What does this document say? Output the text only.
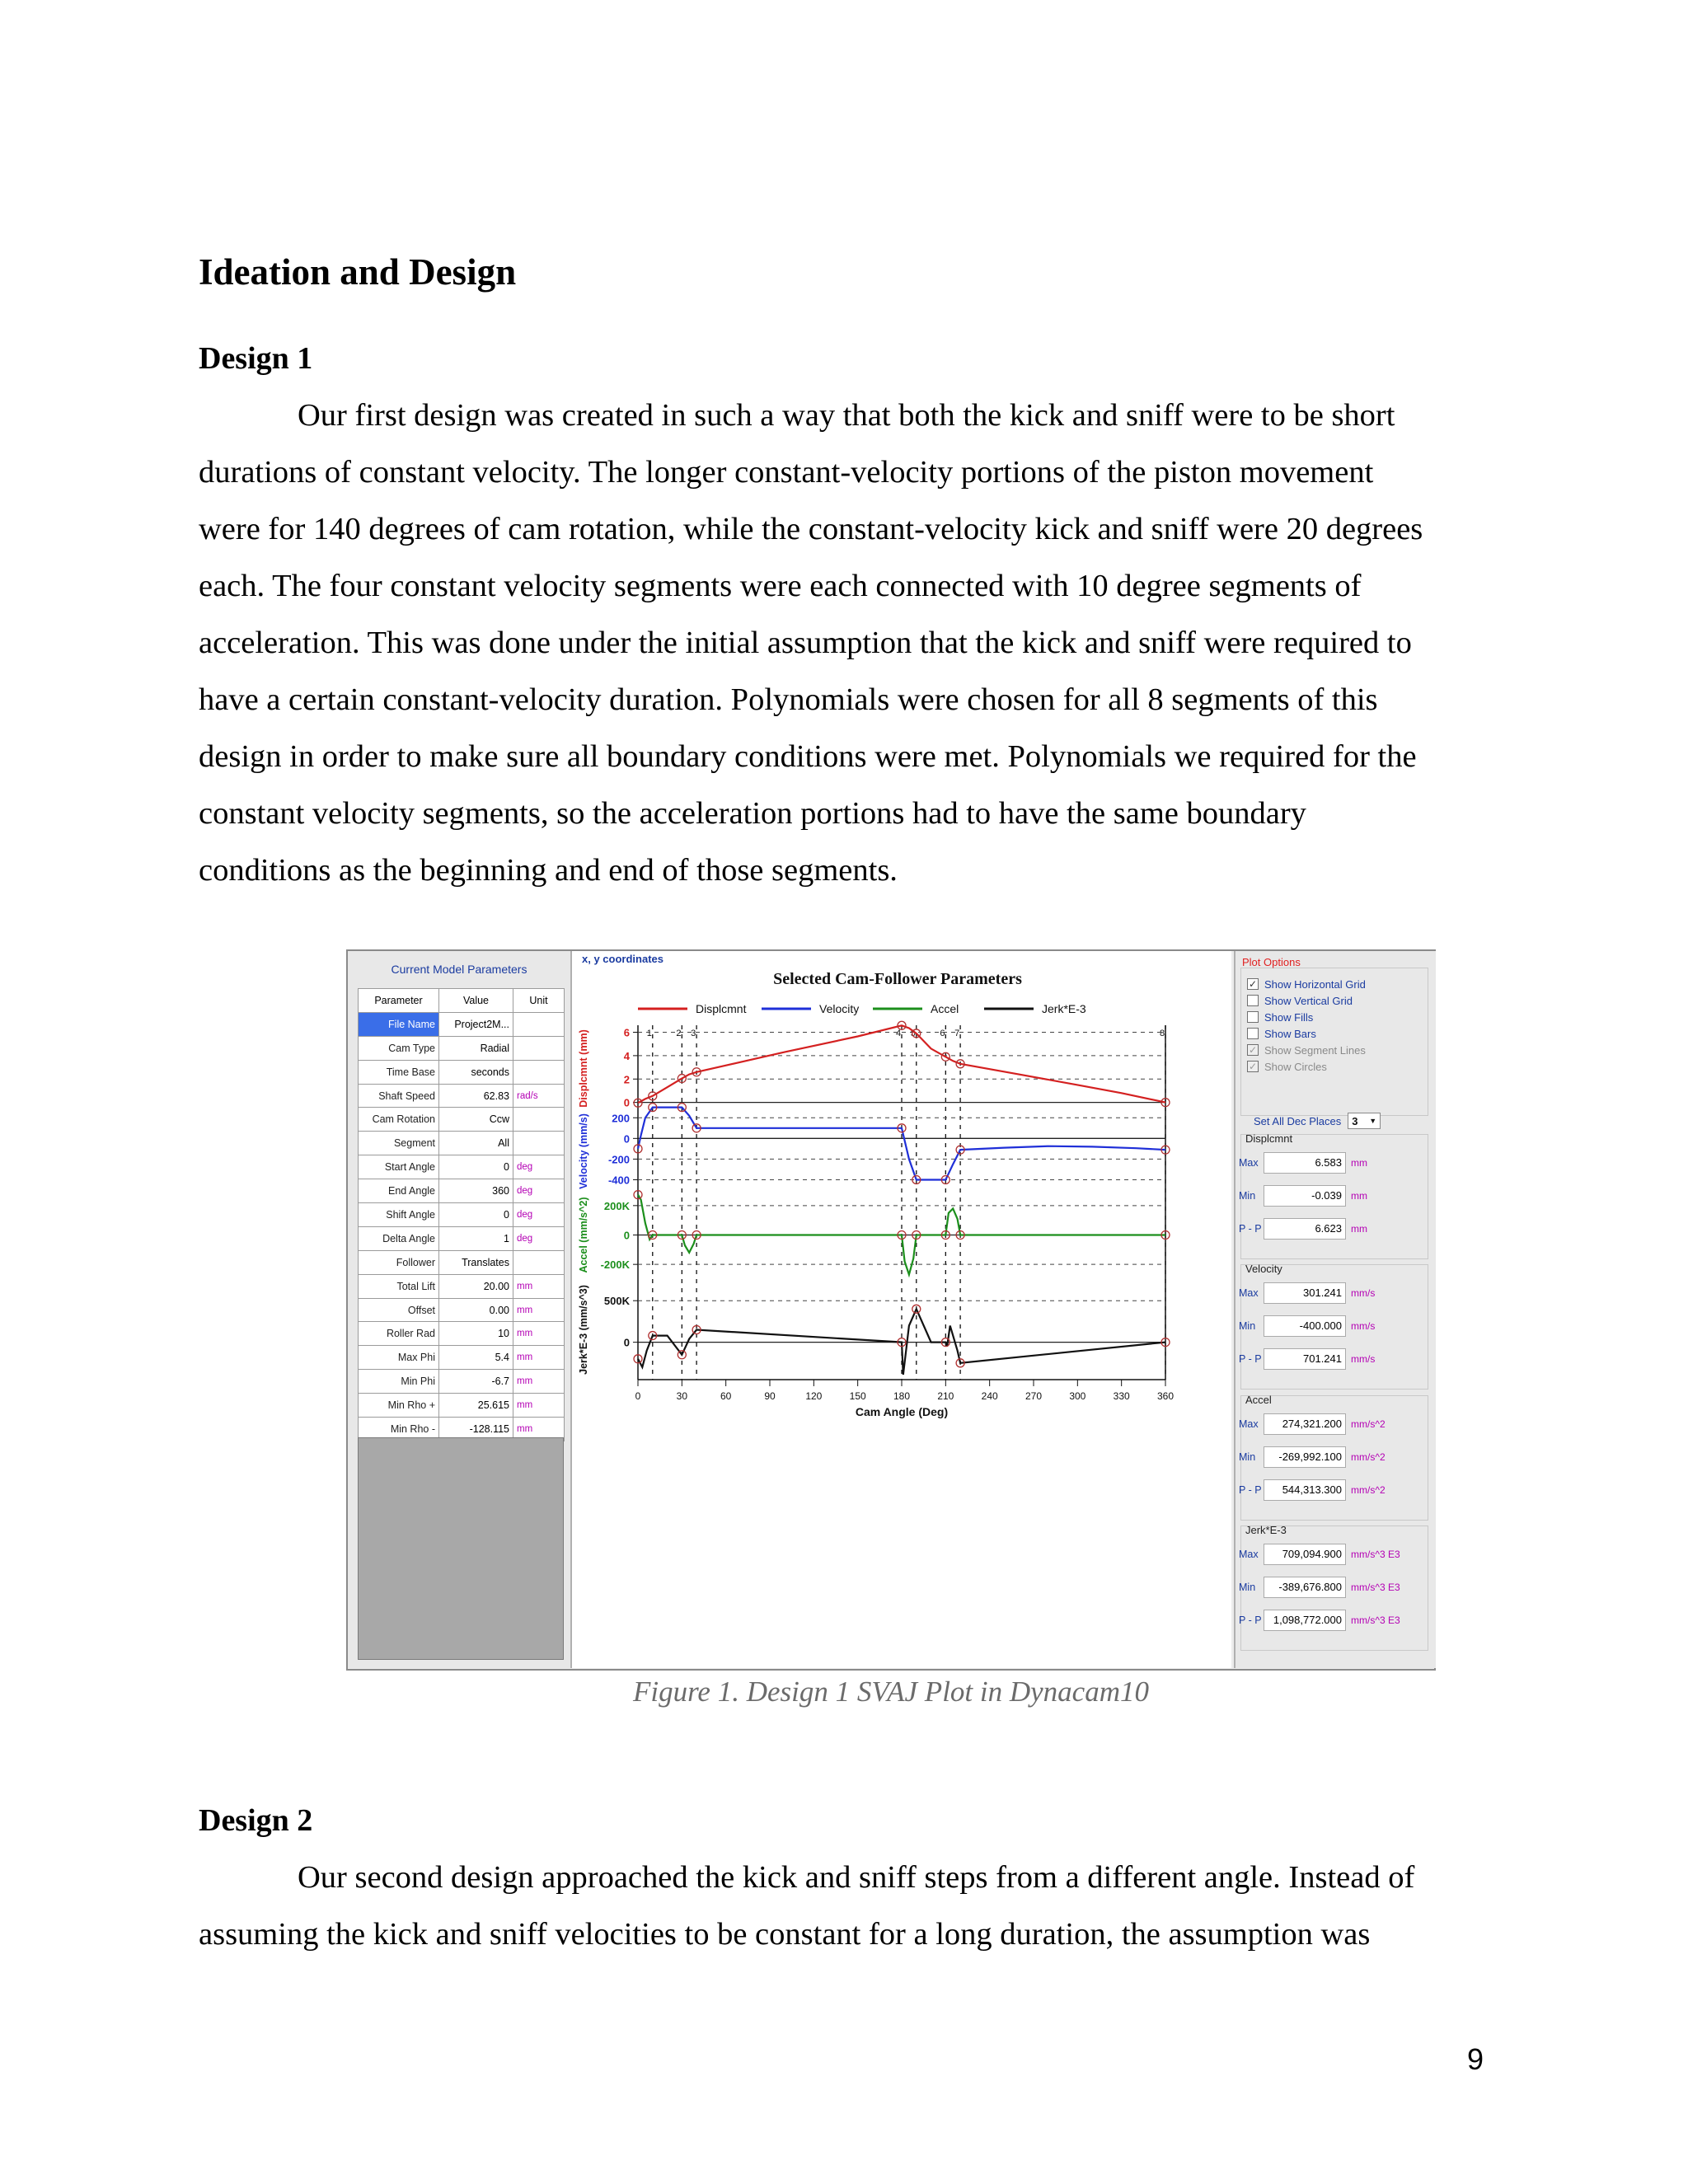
Ideation and Design
Design 1
Our first design was created in such a way that both the kick and sniff were to be short
durations of constant velocity. The longer constant-velocity portions of the piston movement
were for 140 degrees of cam rotation, while the constant-velocity kick and sniff were 20 degrees
each. The four constant velocity segments were each connected with 10 degree segments of
acceleration. This was done under the initial assumption that the kick and sniff were required to
have a certain constant-velocity duration. Polynomials were chosen for all 8 segments of this
design in order to make sure all boundary conditions were met. Polynomials we required for the
constant velocity segments, so the acceleration portions had to have the same boundary
conditions as the beginning and end of those segments.
Current Model Parameters
Parameter	Value	Unit
File Name	Project2M...	
Cam Type	Radial	
Time Base	seconds	
Shaft Speed	62.83	rad/s
Cam Rotation	Ccw	
Segment	All	
Start Angle	0	deg
End Angle	360	deg
Shift Angle	0	deg
Delta Angle	1	deg
Follower	Translates	
Total Lift	20.00	mm
Offset	0.00	mm
Roller Rad	10	mm
Max Phi	5.4	mm
Min Phi	-6.7	mm
Min Rho +	25.615	mm
Min Rho -	-128.115	mm
x, y coordinates
Selected Cam-Follower Parameters
Displcmnt	Velocity	Accel	Jerk*E-3
1	2 3	4 5	6 7	8
0	30	60	90	120	150	180	210	240	270	300	330	360
Cam Angle (Deg)
6
4
2
0
Displcmnt (mm)
200
0
-200
-400
Velocity (mm/s)
200K
0
-200K
Accel (mm/s^2)
500K
0
Jerk*E-3 (mm/s^3)
Plot Options
✓ Show Horizontal Grid
Show Vertical Grid
Show Fills
Show Bars
✓ Show Segment Lines
✓ Show Circles
Set All Dec Places 3 ▼
Displcmnt
Max	6.583 mm
Min	-0.039 mm
P - P	6.623 mm
Velocity
Max	301.241 mm/s
Min	-400.000 mm/s
P - P	701.241 mm/s
Accel
Max	274,321.200 mm/s^2
Min	-269,992.100 mm/s^2
P - P	544,313.300 mm/s^2
Jerk*E-3
Max	709,094.900 mm/s^3 E3
Min	-389,676.800 mm/s^3 E3
P - P	1,098,772.000 mm/s^3 E3
Figure 1. Design 1 SVAJ Plot in Dynacam10
Design 2
Our second design approached the kick and sniff steps from a different angle. Instead of
assuming the kick and sniff velocities to be constant for a long duration, the assumption was
9
